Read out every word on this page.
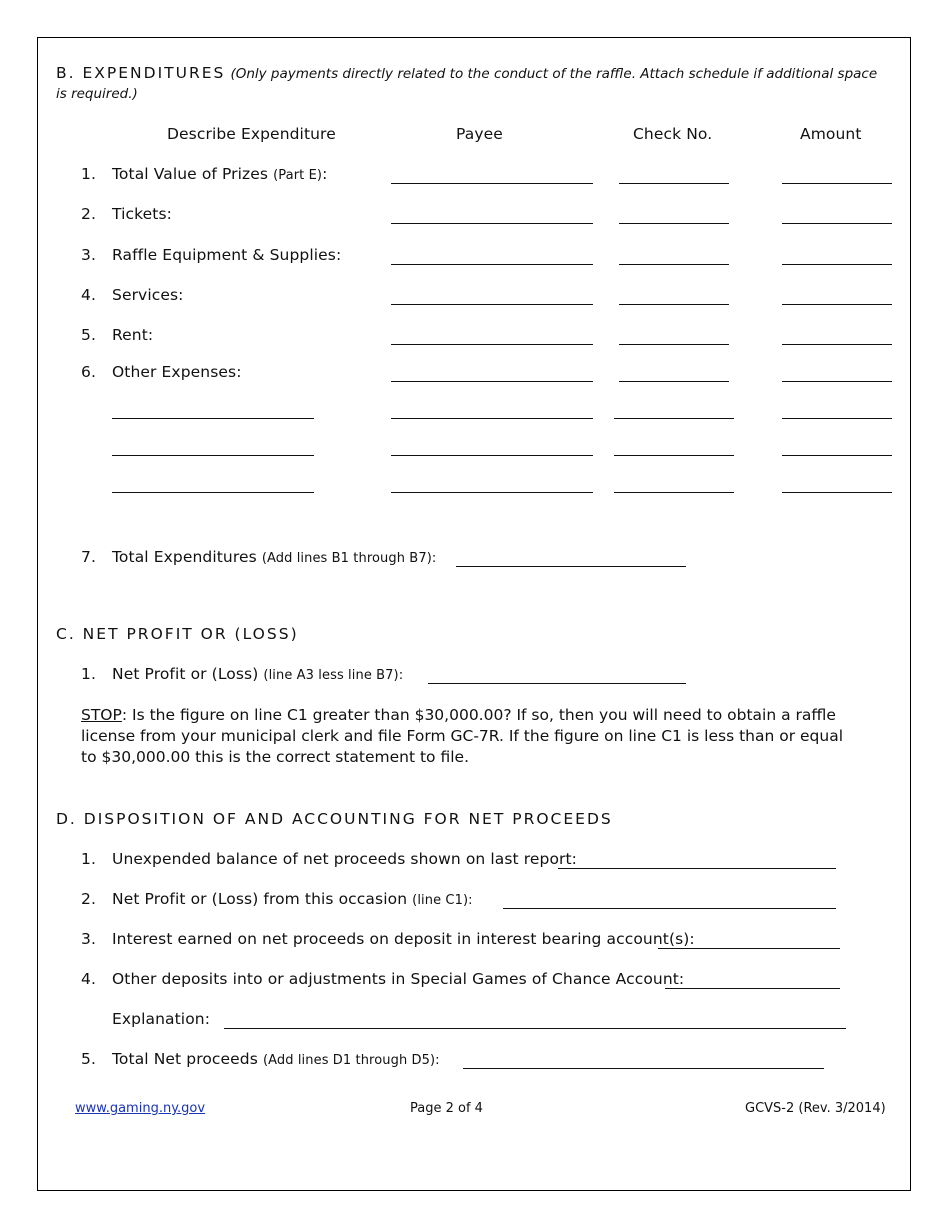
B. EXPENDITURES (Only payments directly related to the conduct of the raffle. Attach schedule if additional space
is required.)
Describe Expenditure	Payee	Check No.	Amount
1. Total Value of Prizes (Part E):
2. Tickets:
3. Raffle Equipment & Supplies:
4. Services:
5. Rent:
6. Other Expenses:
7. Total Expenditures (Add lines B1 through B7):
C. NET PROFIT OR (LOSS)
1. Net Profit or (Loss) (line A3 less line B7):
STOP: Is the figure on line C1 greater than $30,000.00? If so, then you will need to obtain a raffle
license from your municipal clerk and file Form GC-7R. If the figure on line C1 is less than or equal
to $30,000.00 this is the correct statement to file.
D. DISPOSITION OF AND ACCOUNTING FOR NET PROCEEDS
1. Unexpended balance of net proceeds shown on last report:
2. Net Profit or (Loss) from this occasion (line C1):
3. Interest earned on net proceeds on deposit in interest bearing account(s):
4. Other deposits into or adjustments in Special Games of Chance Account:
Explanation:
5. Total Net proceeds (Add lines D1 through D5):
www.gaming.ny.gov	Page 2 of 4	GCVS-2 (Rev. 3/2014)
